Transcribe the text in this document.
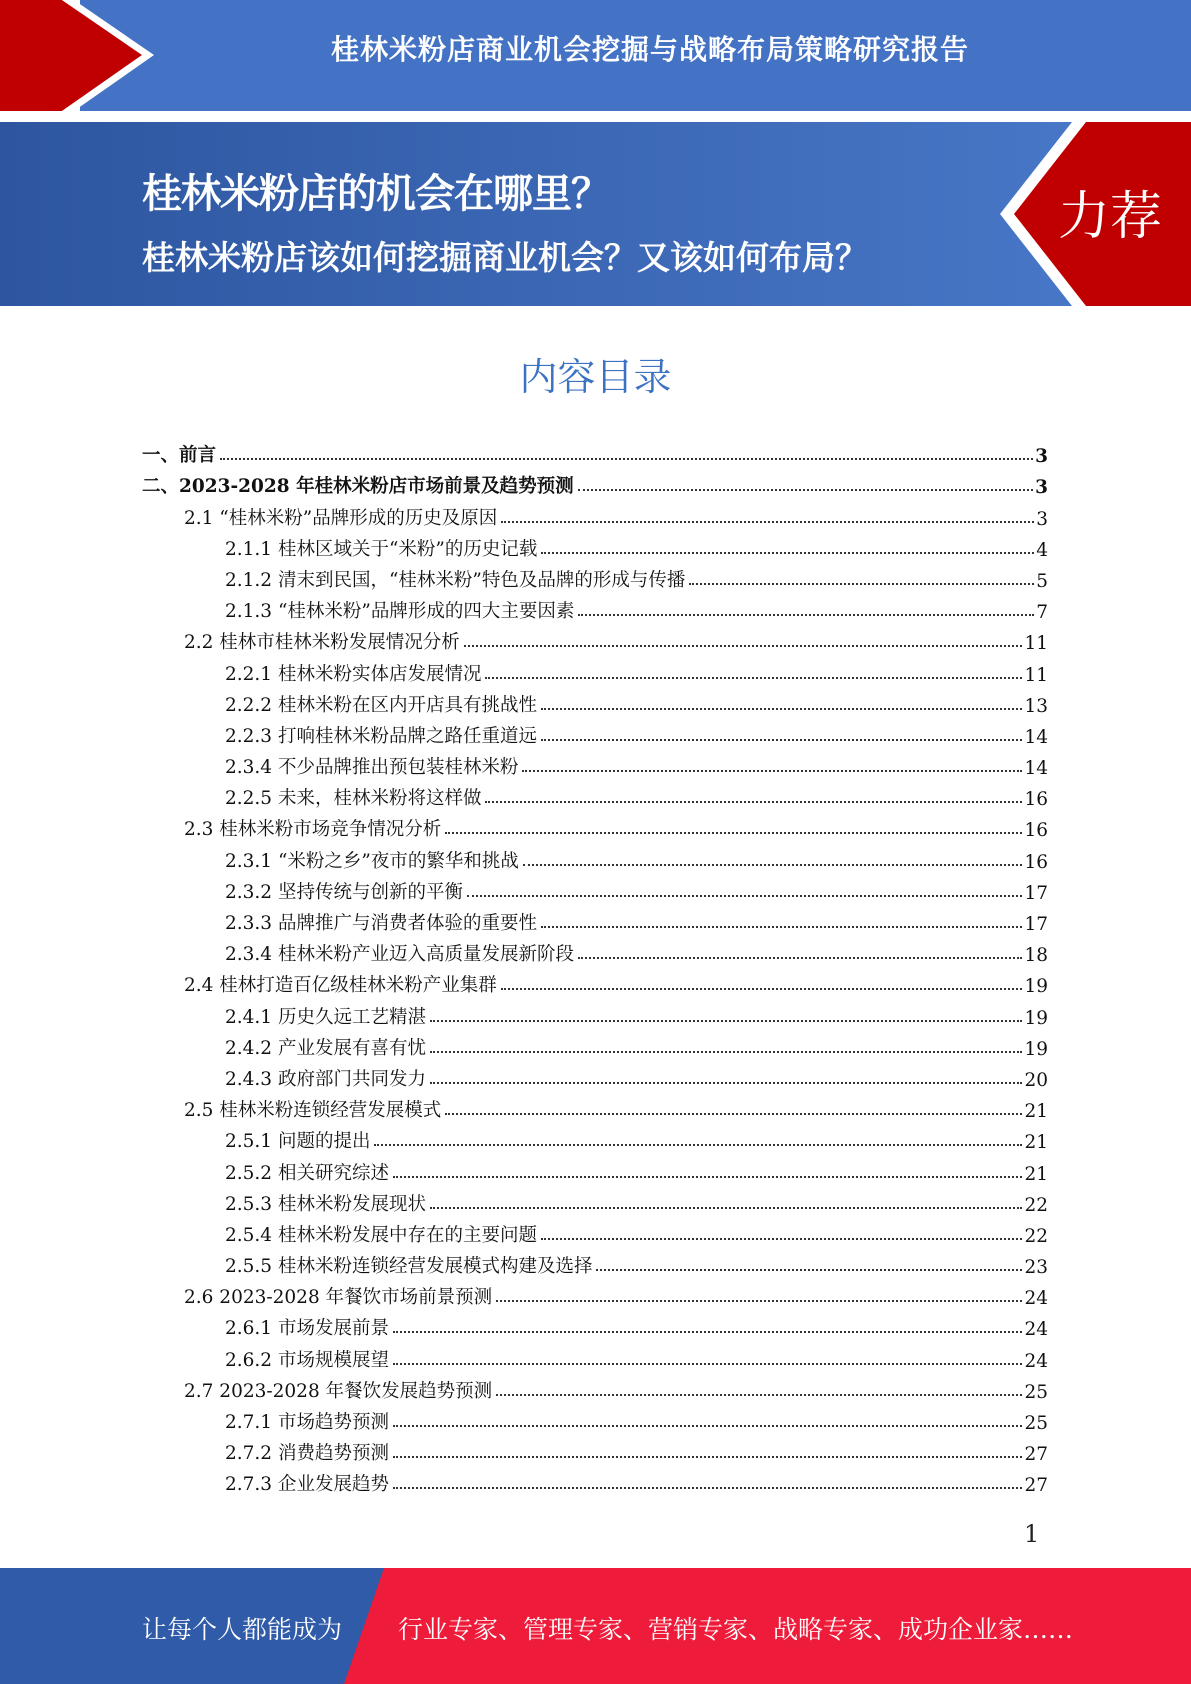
桂林米粉店商业机会挖掘与战略布局策略研究报告
桂林米粉店的机会在哪里？
桂林米粉店该如何挖掘商业机会？又该如何布局？
力荐
内容目录
一、前言	3
二、2023-2028 年桂林米粉店市场前景及趋势预测	3
2.1 “桂林米粉”品牌形成的历史及原因	3
2.1.1 桂林区域关于“米粉”的历史记载	4
2.1.2 清末到民国，“桂林米粉”特色及品牌的形成与传播	5
2.1.3 “桂林米粉”品牌形成的四大主要因素	7
2.2 桂林市桂林米粉发展情况分析	11
2.2.1 桂林米粉实体店发展情况	11
2.2.2 桂林米粉在区内开店具有挑战性	13
2.2.3 打响桂林米粉品牌之路任重道远	14
2.3.4 不少品牌推出预包装桂林米粉	14
2.2.5 未来，桂林米粉将这样做	16
2.3 桂林米粉市场竞争情况分析	16
2.3.1 “米粉之乡”夜市的繁华和挑战	16
2.3.2 坚持传统与创新的平衡	17
2.3.3 品牌推广与消费者体验的重要性	17
2.3.4 桂林米粉产业迈入高质量发展新阶段	18
2.4 桂林打造百亿级桂林米粉产业集群	19
2.4.1 历史久远工艺精湛	19
2.4.2 产业发展有喜有忧	19
2.4.3 政府部门共同发力	20
2.5 桂林米粉连锁经营发展模式	21
2.5.1 问题的提出	21
2.5.2 相关研究综述	21
2.5.3 桂林米粉发展现状	22
2.5.4 桂林米粉发展中存在的主要问题	22
2.5.5 桂林米粉连锁经营发展模式构建及选择	23
2.6 2023-2028 年餐饮市场前景预测	24
2.6.1 市场发展前景	24
2.6.2 市场规模展望	24
2.7 2023-2028 年餐饮发展趋势预测	25
2.7.1 市场趋势预测	25
2.7.2 消费趋势预测	27
2.7.3 企业发展趋势	27
1
让每个人都能成为 行业专家、管理专家、营销专家、战略专家、成功企业家……
